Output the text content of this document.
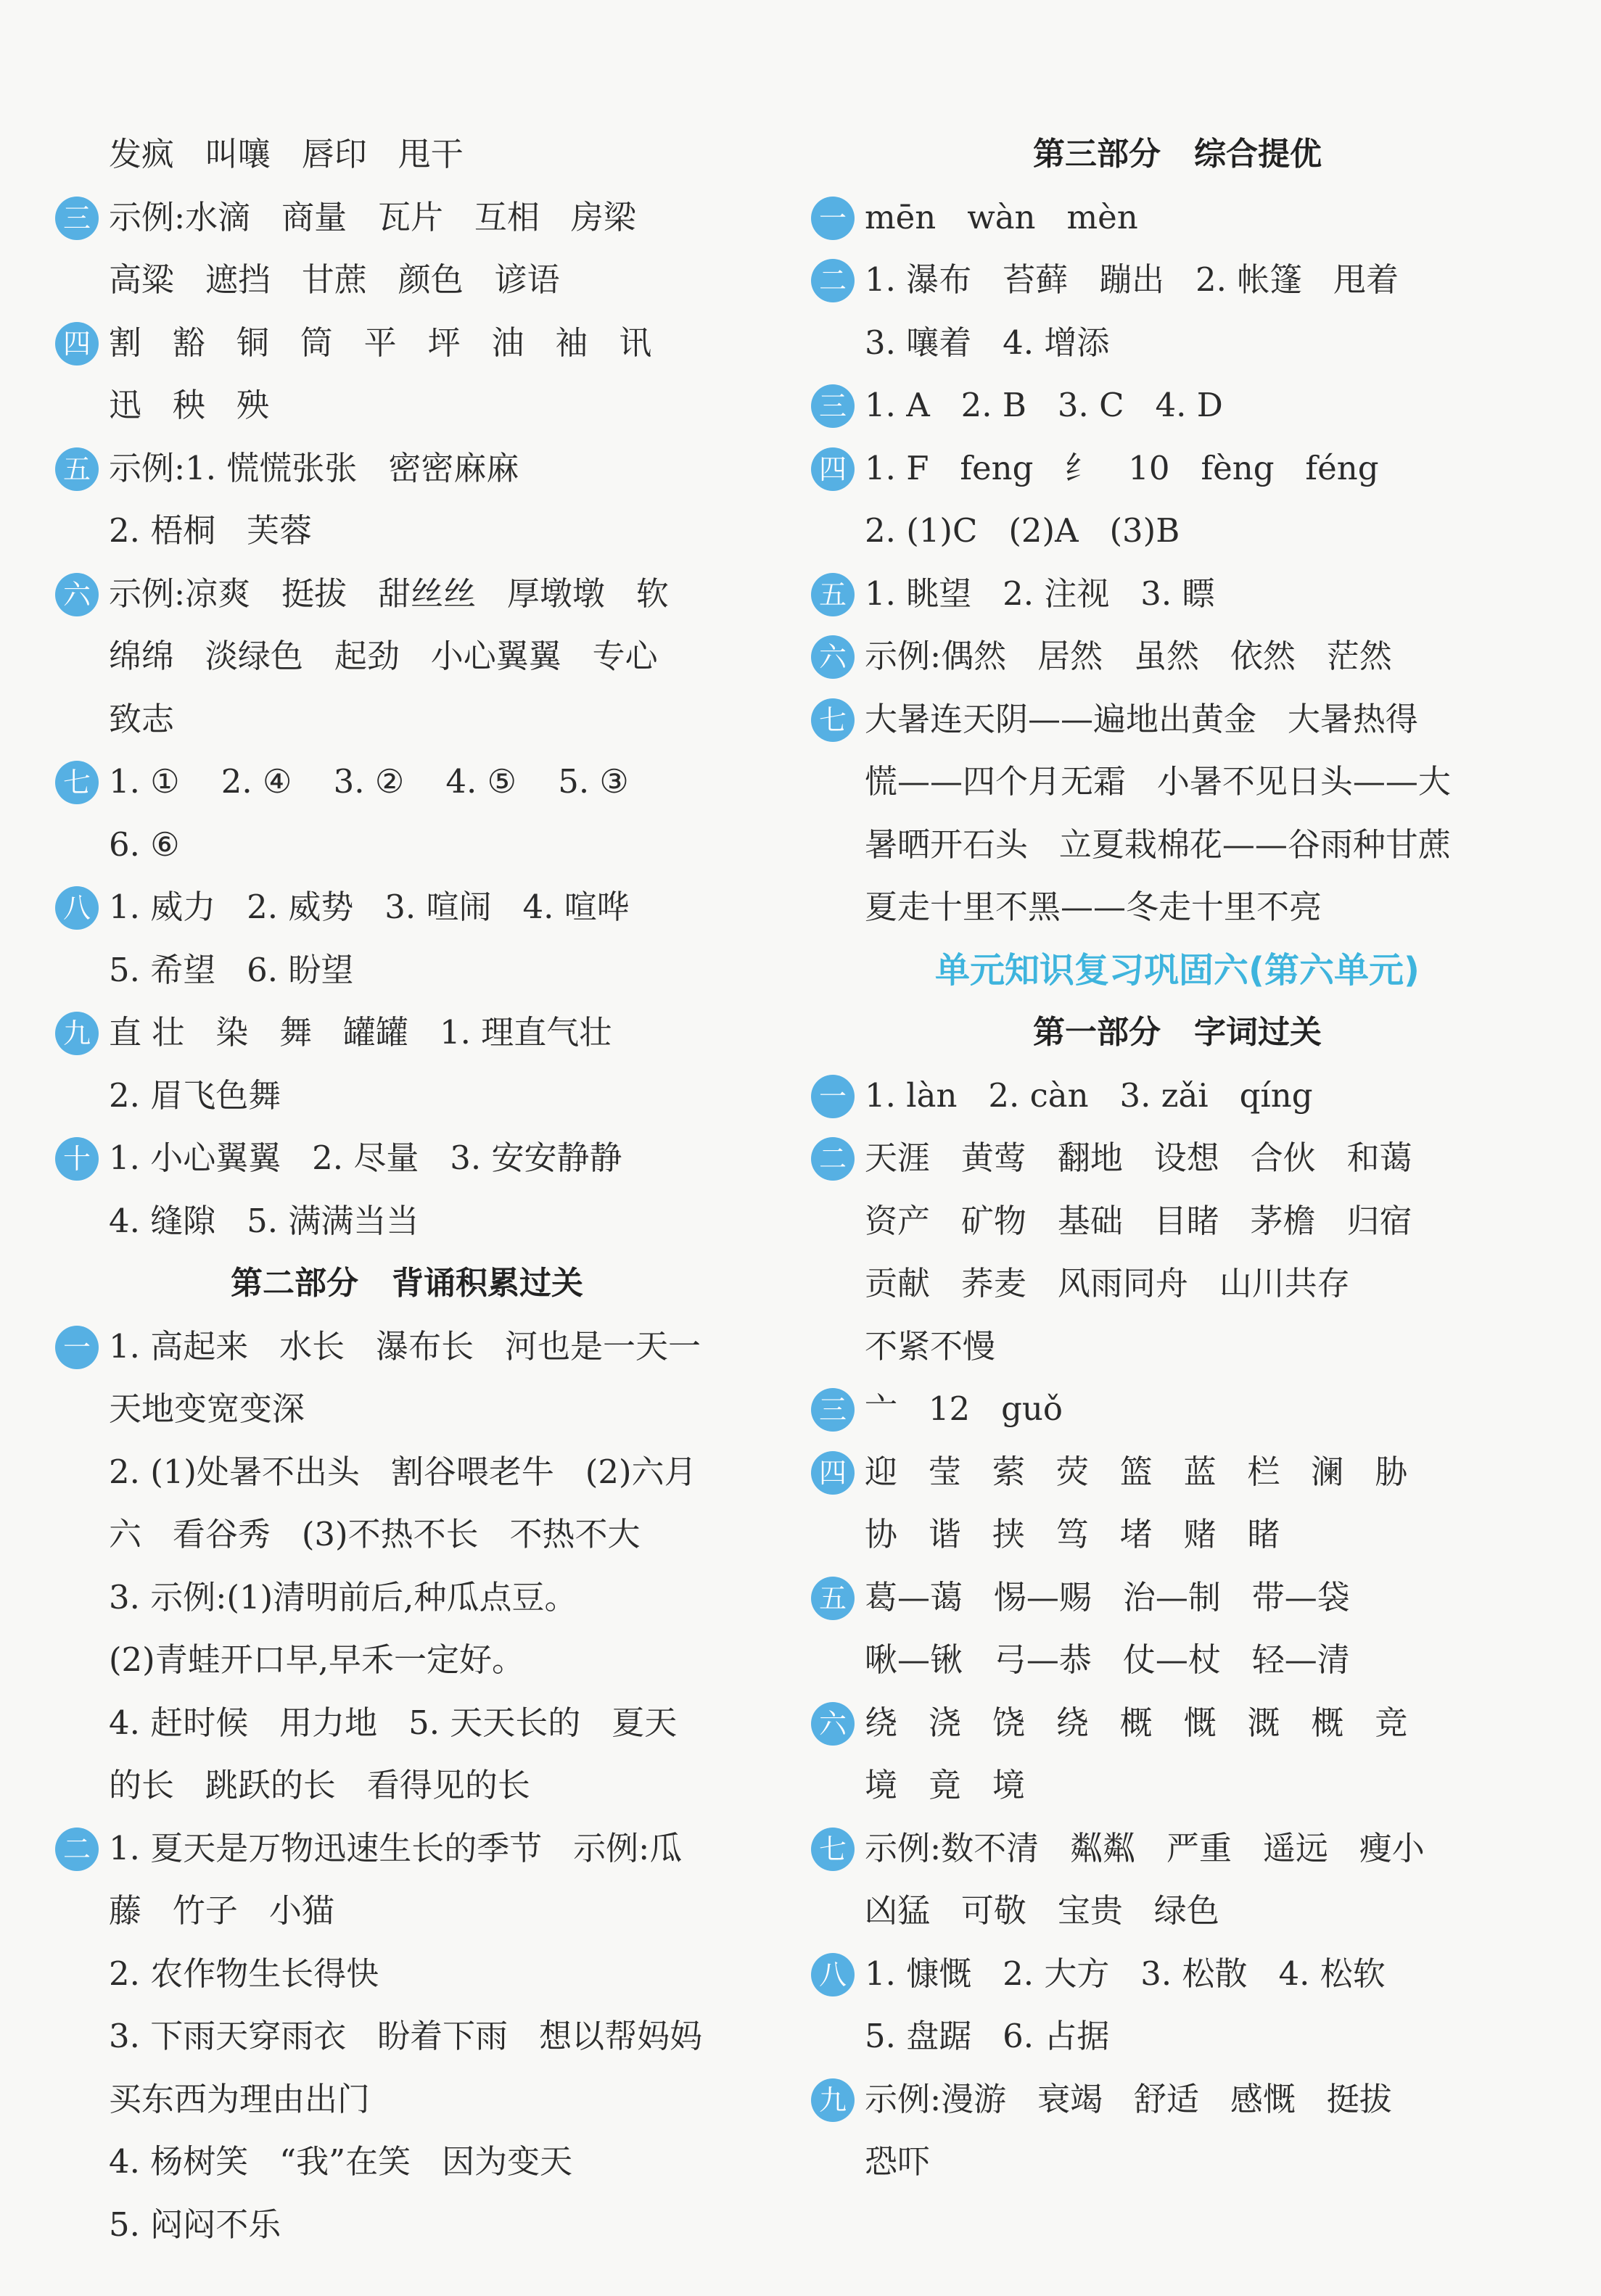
发疯   叫嚷   唇印   甩干
三 示例:水滴   商量   瓦片   互相   房梁
高粱   遮挡   甘蔗   颜色   谚语
四 割   豁   铜   筒   平   坪   油   袖   讯
迅   秧   殃
五 示例:1. 慌慌张张   密密麻麻
2. 梧桐   芙蓉
六 示例:凉爽   挺拔   甜丝丝   厚墩墩   软
绵绵   淡绿色   起劲   小心翼翼   专心
致志
七 1. ①    2. ④    3. ②    4. ⑤    5. ③
6. ⑥
八 1. 威力   2. 威势   3. 喧闹   4. 喧哗
5. 希望   6. 盼望
九 直 壮   染   舞   罐罐   1. 理直气壮
2. 眉飞色舞
十 1. 小心翼翼   2. 尽量   3. 安安静静
4. 缝隙   5. 满满当当
第二部分   背诵积累过关
一 1. 高起来   水长   瀑布长   河也是一天一
天地变宽变深
2. (1)处暑不出头   割谷喂老牛   (2)六月
六   看谷秀   (3)不热不长   不热不大
3. 示例:(1)清明前后,种瓜点豆。
(2)青蛙开口早,早禾一定好。
4. 赶时候   用力地   5. 天天长的   夏天
的长   跳跃的长   看得见的长
二 1. 夏天是万物迅速生长的季节   示例:瓜
藤   竹子   小猫
2. 农作物生长得快
3. 下雨天穿雨衣   盼着下雨   想以帮妈妈
买东西为理由出门
4. 杨树笑   “我”在笑   因为变天
5. 闷闷不乐
第三部分   综合提优
一 mēn   wàn   mèn
二 1. 瀑布   苔藓   蹦出   2. 帐篷   甩着
3. 嚷着   4. 增添
三 1. A   2. B   3. C   4. D
四 1. F   feng   纟   10   fèng   féng
2. (1)C   (2)A   (3)B
五 1. 眺望   2. 注视   3. 瞟
六 示例:偶然   居然   虽然   依然   茫然
七 大暑连天阴——遍地出黄金   大暑热得
慌——四个月无霜   小暑不见日头——大
暑晒开石头   立夏栽棉花——谷雨种甘蔗
夏走十里不黑——冬走十里不亮
单元知识复习巩固六(第六单元)
第一部分   字词过关
一 1. làn   2. càn   3. zǎi   qíng
二 天涯   黄莺   翻地   设想   合伙   和蔼
资产   矿物   基础   目睹   茅檐   归宿
贡献   荞麦   风雨同舟   山川共存
不紧不慢
三 亠   12   guǒ
四 迎   莹   萦   荧   篮   蓝   栏   澜   胁
协   谐   挟   笃   堵   赌   睹
五 葛—蔼   惕—赐   治—制   带—袋
啾—锹   弓—恭   仗—杖   轻—清
六 绕   浇   饶   绕   概   慨   溉   概   竞
境   竟   境
七 示例:数不清   粼粼   严重   遥远   瘦小
凶猛   可敬   宝贵   绿色
八 1. 慷慨   2. 大方   3. 松散   4. 松软
5. 盘踞   6. 占据
九 示例:漫游   衰竭   舒适   感慨   挺拔
恐吓
